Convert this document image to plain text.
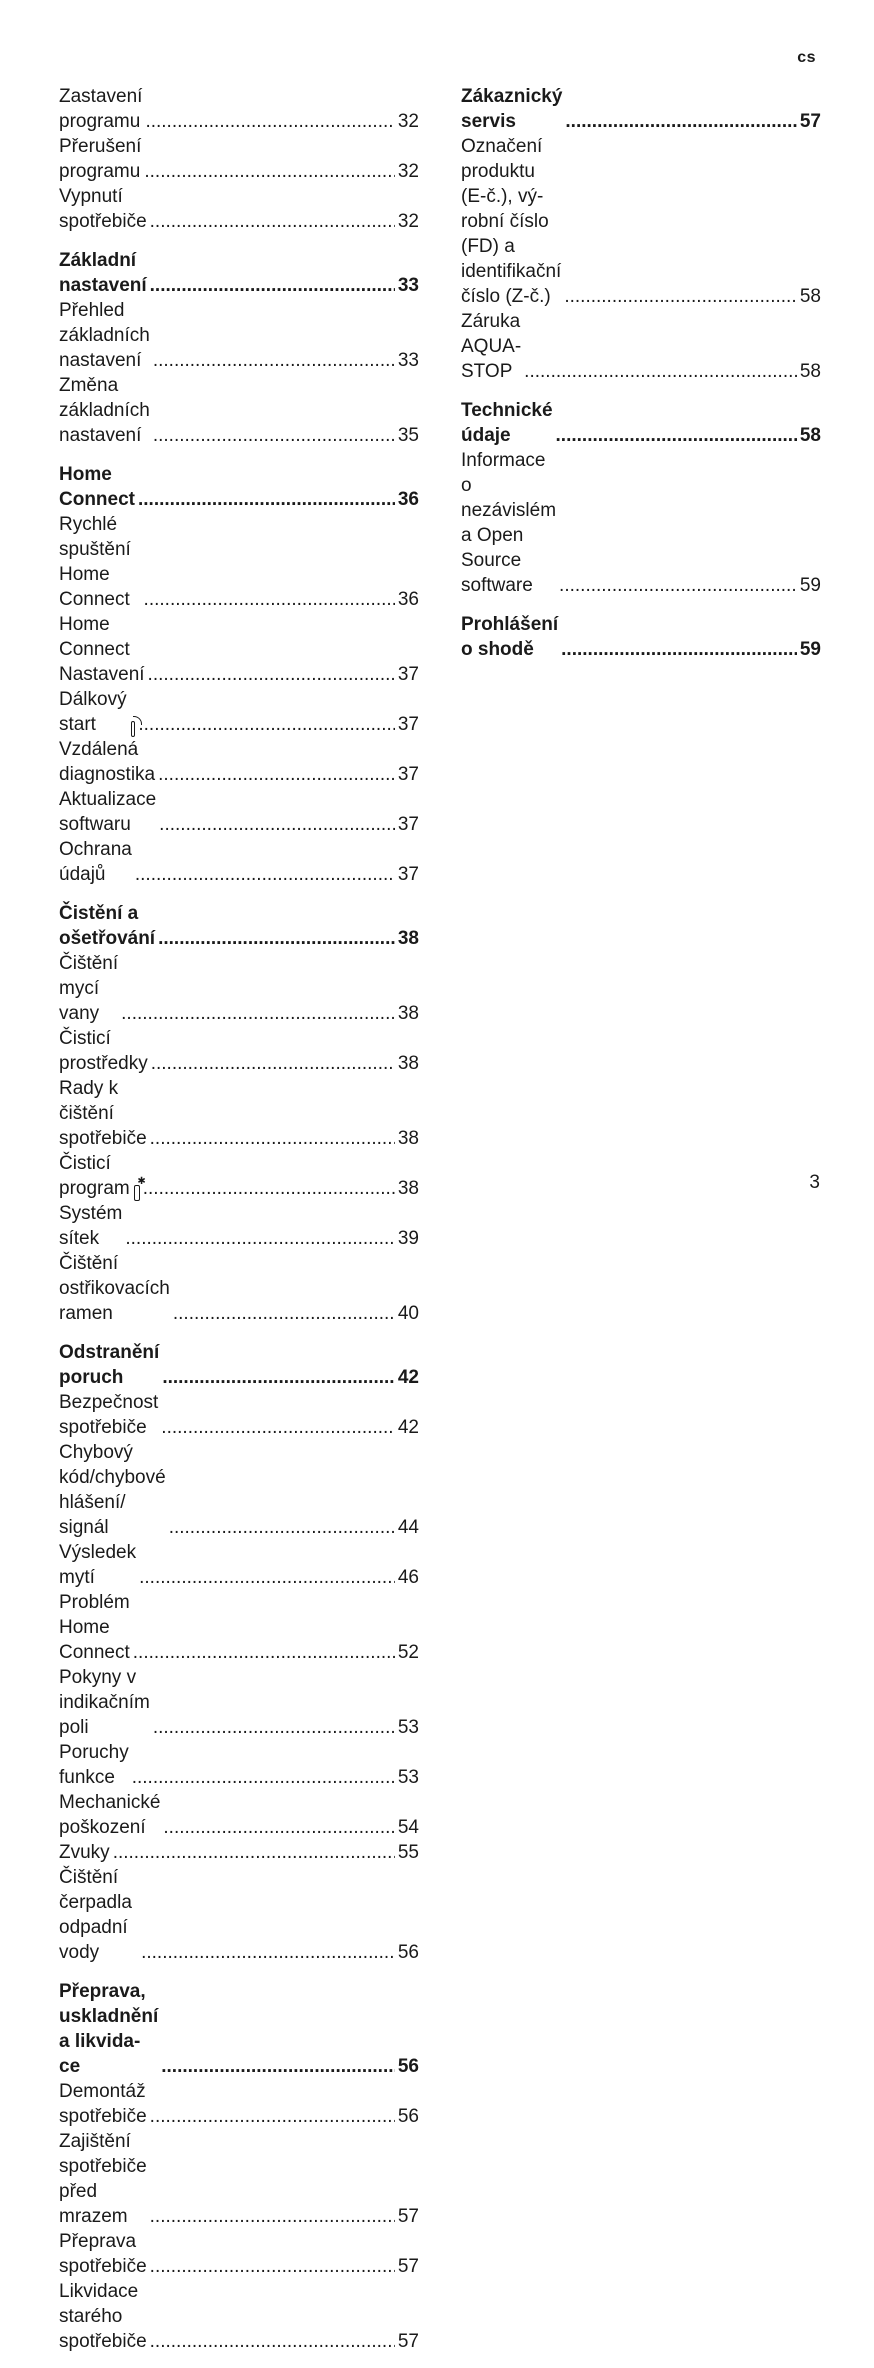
cs
Zastavení programu .....	32
Přerušení programu .....	32
Vypnutí spotřebiče .....	32
Základní nastavení .....	33
Přehled základních nastavení .....	33
Změna základních nastavení .....	35
Home Connect .....	36
Rychlé spuštění Home Connect .....	36
Home Connect Nastavení .....	37
Dálkový start .....	37
Vzdálená diagnostika .....	37
Aktualizace softwaru .....	37
Ochrana údajů .....	37
Čistění a ošetřování .....	38
Čištění mycí vany .....	38
Čisticí prostředky .....	38
Rady k čištění spotřebiče .....	38
Čisticí program ✱ .....	38
Systém sítek .....	39
Čištění ostřikovacích ramen .....	40
Odstranění poruch .....	42
Bezpečnost spotřebiče .....	42
Chybový kód/chybové hlášení/
signál .....	44
Výsledek mytí .....	46
Problém Home Connect .....	52
Pokyny v indikačním poli .....	53
Poruchy funkce .....	53
Mechanické poškození .....	54
Zvuky .....	55
Čištění čerpadla odpadní vody .....	56
Přeprava, uskladnění a likvida-
ce .....	56
Demontáž spotřebiče .....	56
Zajištění spotřebiče před
mrazem .....	57
Přeprava spotřebiče .....	57
Likvidace starého spotřebiče .....	57
Zákaznický servis .....	57
Označení produktu (E-č.), vý-
robní číslo (FD) a identifikační
číslo (Z-č.) .....	58
Záruka AQUA-STOP .....	58
Technické údaje .....	58
Informace o nezávislém a Open
Source software .....	59
Prohlášení o shodě .....	59
3
